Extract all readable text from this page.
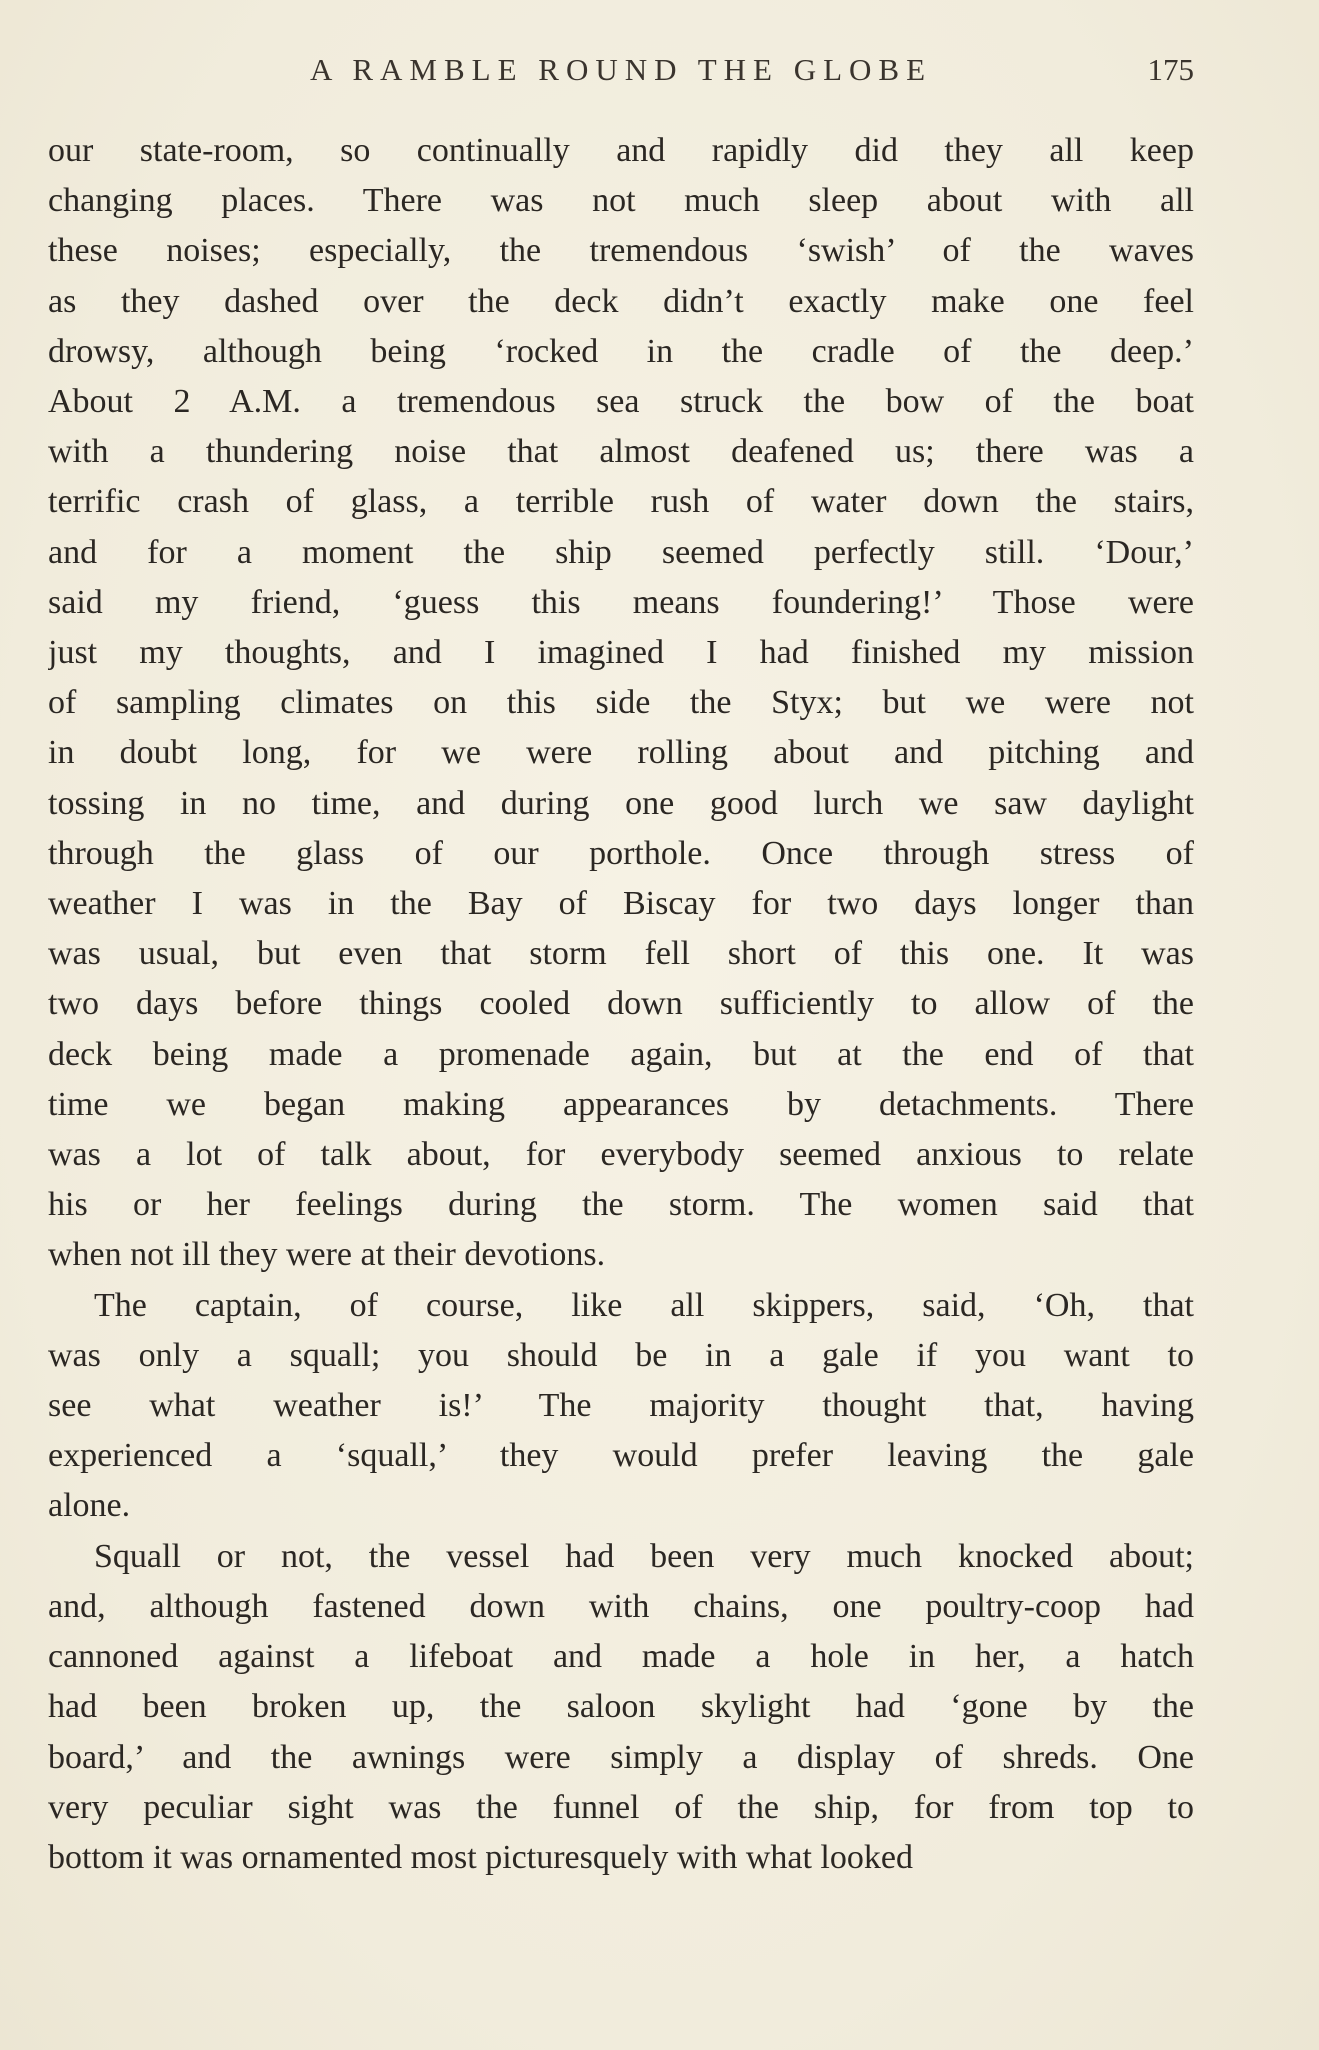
A RAMBLE ROUND THE GLOBE	175

our state-room, so continually and rapidly did they all keep
changing places. There was not much sleep about with all
these noises; especially, the tremendous ‘swish’ of the waves
as they dashed over the deck didn’t exactly make one feel
drowsy, although being ‘rocked in the cradle of the deep.’
About 2 A.M. a tremendous sea struck the bow of the boat
with a thundering noise that almost deafened us; there was a
terrific crash of glass, a terrible rush of water down the stairs,
and for a moment the ship seemed perfectly still. ‘Dour,’
said my friend, ‘guess this means foundering!’ Those were
just my thoughts, and I imagined I had finished my mission
of sampling climates on this side the Styx; but we were not
in doubt long, for we were rolling about and pitching and
tossing in no time, and during one good lurch we saw daylight
through the glass of our porthole. Once through stress of
weather I was in the Bay of Biscay for two days longer than
was usual, but even that storm fell short of this one. It was
two days before things cooled down sufficiently to allow of the
deck being made a promenade again, but at the end of that
time we began making appearances by detachments. There
was a lot of talk about, for everybody seemed anxious to relate
his or her feelings during the storm. The women said that
when not ill they were at their devotions.

The captain, of course, like all skippers, said, ‘Oh, that
was only a squall; you should be in a gale if you want to
see what weather is!’ The majority thought that, having
experienced a ‘squall,’ they would prefer leaving the gale
alone.

Squall or not, the vessel had been very much knocked about;
and, although fastened down with chains, one poultry-coop had
cannoned against a lifeboat and made a hole in her, a hatch
had been broken up, the saloon skylight had ‘gone by the
board,’ and the awnings were simply a display of shreds. One
very peculiar sight was the funnel of the ship, for from top to
bottom it was ornamented most picturesquely with what looked
